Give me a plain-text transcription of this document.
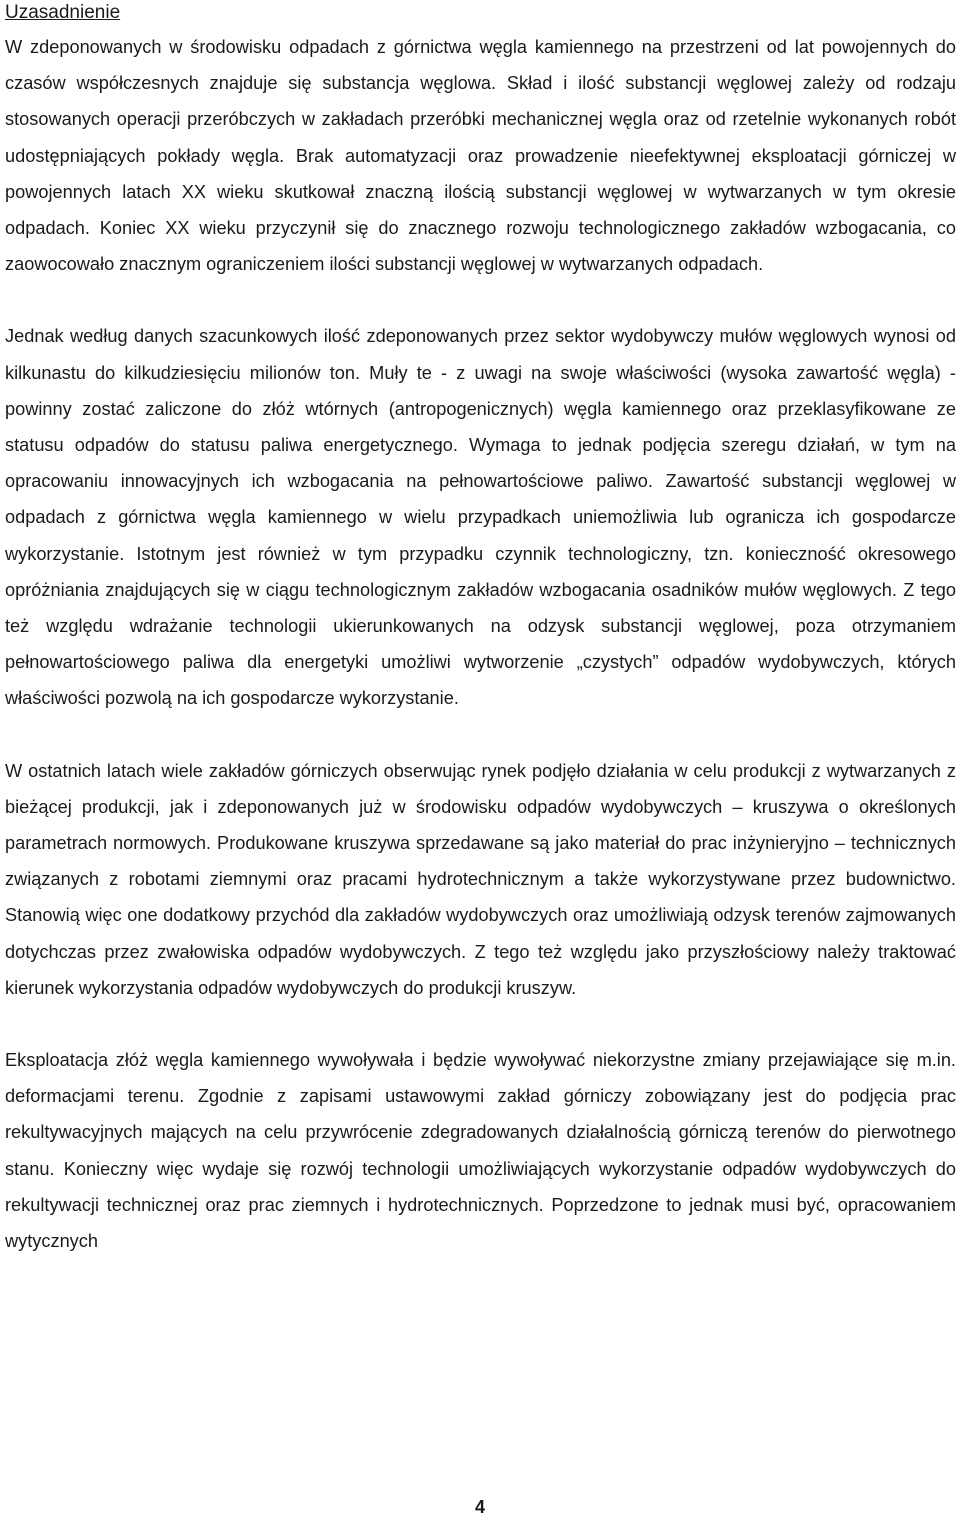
Uzasadnienie

W zdeponowanych w środowisku odpadach z górnictwa węgla kamiennego na przestrzeni od lat powojennych do czasów współczesnych znajduje się substancja węglowa. Skład i ilość substancji węglowej zależy od rodzaju stosowanych operacji przeróbczych w zakładach przeróbki mechanicznej węgla oraz od rzetelnie wykonanych robót udostępniających pokłady węgla. Brak automatyzacji oraz prowadzenie nieefektywnej eksploatacji górniczej w powojennych latach XX wieku skutkował znaczną ilością substancji węglowej w wytwarzanych w tym okresie odpadach. Koniec XX wieku przyczynił się do znacznego rozwoju technologicznego zakładów wzbogacania, co zaowocowało znacznym ograniczeniem ilości substancji węglowej w wytwarzanych odpadach.

Jednak według danych szacunkowych ilość zdeponowanych przez sektor wydobywczy mułów węglowych wynosi od kilkunastu do kilkudziesięciu milionów ton. Muły te - z uwagi na swoje właściwości (wysoka zawartość węgla) - powinny zostać zaliczone do złóż wtórnych (antropogenicznych) węgla kamiennego oraz przeklasyfikowane ze statusu odpadów do statusu paliwa energetycznego. Wymaga to jednak podjęcia szeregu działań, w tym na opracowaniu innowacyjnych ich wzbogacania na pełnowartościowe paliwo. Zawartość substancji węglowej w odpadach z górnictwa węgla kamiennego w wielu przypadkach uniemożliwia lub ogranicza ich gospodarcze wykorzystanie. Istotnym jest również w tym przypadku czynnik technologiczny, tzn. konieczność okresowego opróżniania znajdujących się w ciągu technologicznym zakładów wzbogacania osadników mułów węglowych. Z tego też względu wdrażanie technologii ukierunkowanych na odzysk substancji węglowej, poza otrzymaniem pełnowartościowego paliwa dla energetyki umożliwi wytworzenie „czystych” odpadów wydobywczych, których właściwości pozwolą na ich gospodarcze wykorzystanie.

W ostatnich latach wiele zakładów górniczych obserwując rynek podjęło działania w celu produkcji z wytwarzanych z bieżącej produkcji, jak i zdeponowanych już w środowisku odpadów wydobywczych – kruszywa o określonych parametrach normowych. Produkowane kruszywa sprzedawane są jako materiał do prac inżynieryjno – technicznych związanych z robotami ziemnymi oraz pracami hydrotechnicznym a także wykorzystywane przez budownictwo. Stanowią więc one dodatkowy przychód dla zakładów wydobywczych oraz umożliwiają odzysk terenów zajmowanych dotychczas przez zwałowiska odpadów wydobywczych. Z tego też względu jako przyszłościowy należy traktować kierunek wykorzystania odpadów wydobywczych do produkcji kruszyw.

Eksploatacja złóż węgla kamiennego wywoływała i będzie wywoływać niekorzystne zmiany przejawiające się m.in. deformacjami terenu. Zgodnie z zapisami ustawowymi zakład górniczy zobowiązany jest do podjęcia prac rekultywacyjnych mających na celu przywrócenie zdegradowanych działalnością górniczą terenów do pierwotnego stanu. Konieczny więc wydaje się rozwój technologii umożliwiających wykorzystanie odpadów wydobywczych do rekultywacji technicznej oraz prac ziemnych i hydrotechnicznych. Poprzedzone to jednak musi być, opracowaniem wytycznych

4
